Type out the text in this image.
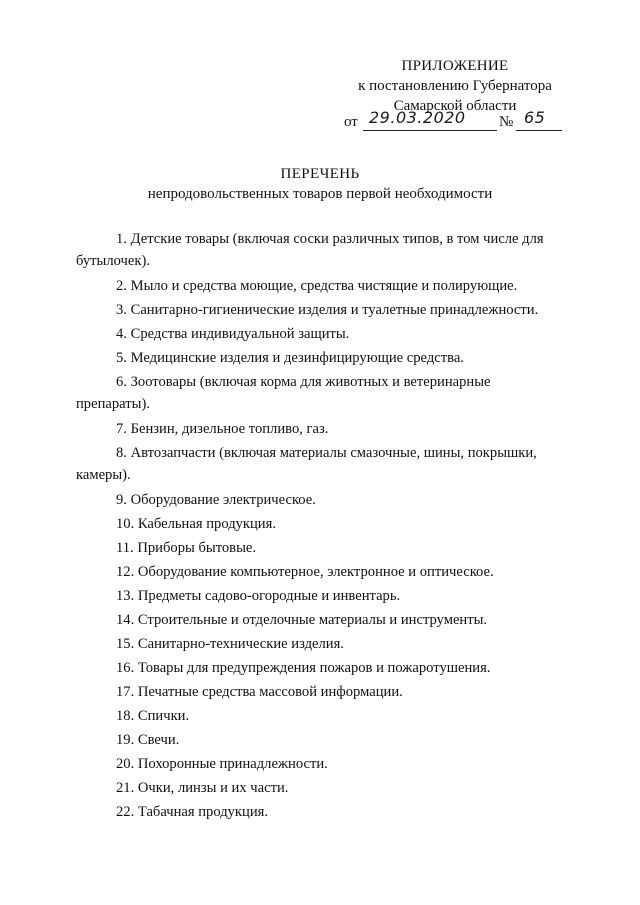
ПРИЛОЖЕНИЕ
к постановлению Губернатора
Самарской области
от 29.03.2020 № 65
ПЕРЕЧЕНЬ
непродовольственных товаров первой необходимости
1. Детские товары (включая соски различных типов, в том числе для бутылочек).
2. Мыло и средства моющие, средства чистящие и полирующие.
3. Санитарно-гигиенические изделия и туалетные принадлежности.
4. Средства индивидуальной защиты.
5. Медицинские изделия и дезинфицирующие средства.
6. Зоотовары (включая корма для животных и ветеринарные препараты).
7. Бензин, дизельное топливо, газ.
8. Автозапчасти (включая материалы смазочные, шины, покрышки, камеры).
9. Оборудование электрическое.
10. Кабельная продукция.
11. Приборы бытовые.
12. Оборудование компьютерное, электронное и оптическое.
13. Предметы садово-огородные и инвентарь.
14. Строительные и отделочные материалы и инструменты.
15. Санитарно-технические изделия.
16. Товары для предупреждения пожаров и пожаротушения.
17. Печатные средства массовой информации.
18. Спички.
19. Свечи.
20. Похоронные принадлежности.
21. Очки, линзы и их части.
22. Табачная продукция.
